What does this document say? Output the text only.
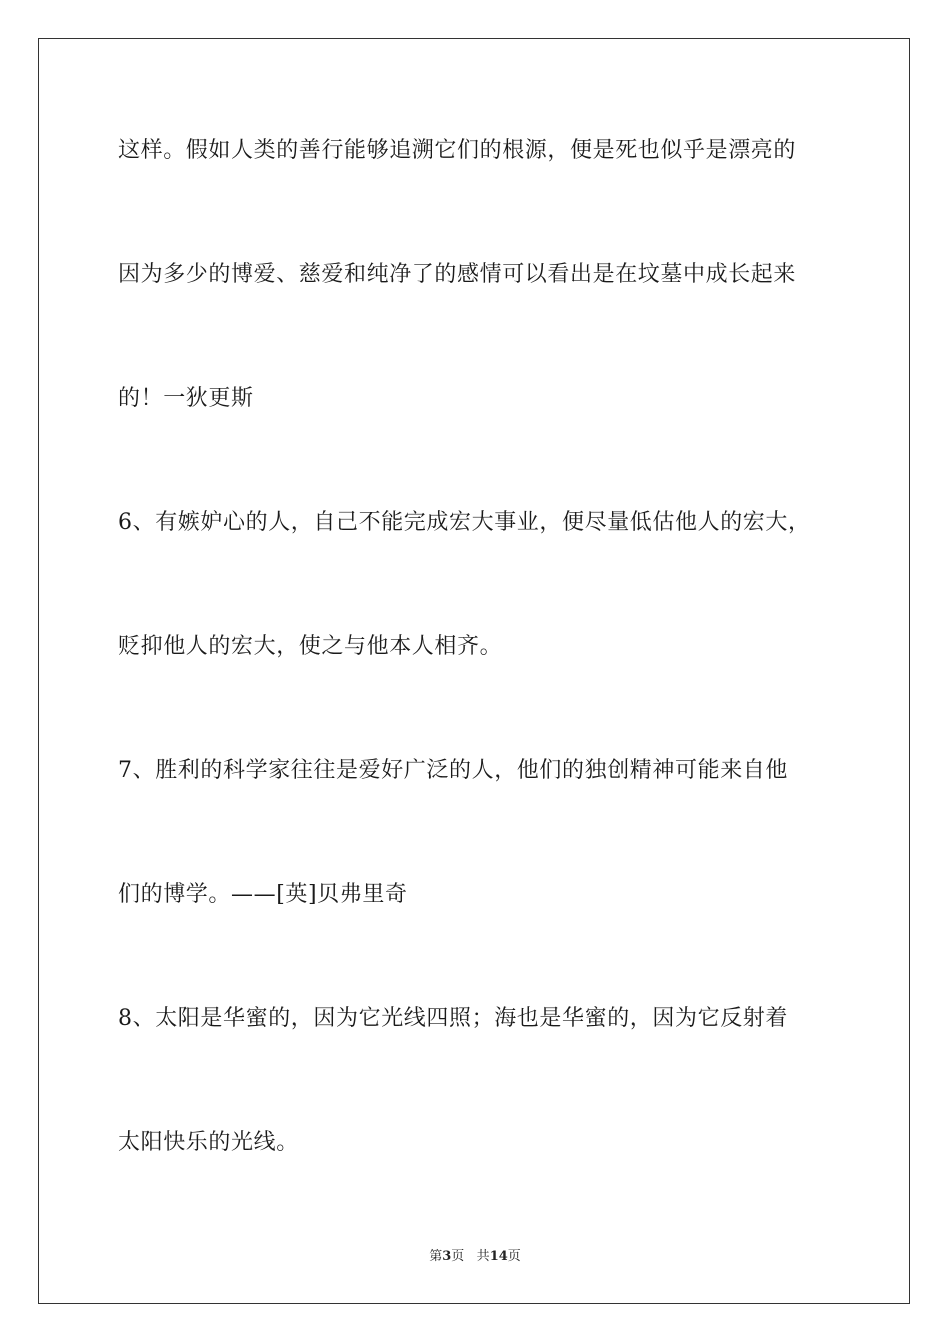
这样。假如人类的善行能够追溯它们的根源，便是死也似乎是漂亮的
因为多少的博爱、慈爱和纯净了的感情可以看出是在坟墓中成长起来
的！一狄更斯
6、有嫉妒心的人，自己不能完成宏大事业，便尽量低估他人的宏大，
贬抑他人的宏大，使之与他本人相齐。
7、胜利的科学家往往是爱好广泛的人，他们的独创精神可能来自他
们的博学。——[英]贝弗里奇
8、太阳是华蜜的，因为它光线四照；海也是华蜜的，因为它反射着
太阳快乐的光线。
第3页 共14页
